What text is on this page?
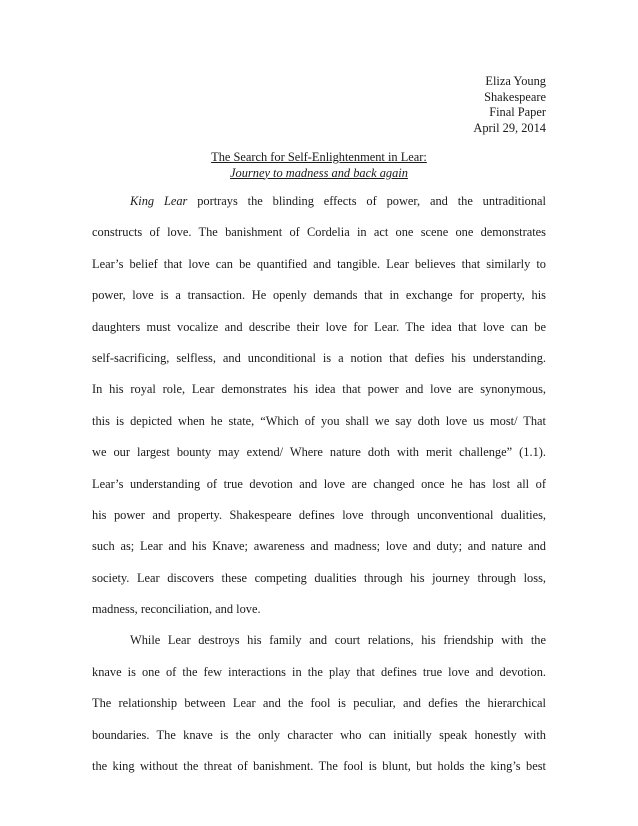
Eliza Young
Shakespeare
Final Paper
April 29, 2014
The Search for Self-Enlightenment in Lear:
Journey to madness and back again
King Lear portrays the blinding effects of power, and the untraditional
constructs of love. The banishment of Cordelia in act one scene one demonstrates
Lear’s belief that love can be quantified and tangible. Lear believes that similarly to
power, love is a transaction. He openly demands that in exchange for property, his
daughters must vocalize and describe their love for Lear. The idea that love can be
self-sacrificing, selfless, and unconditional is a notion that defies his understanding.
In his royal role, Lear demonstrates his idea that power and love are synonymous,
this is depicted when he state, “Which of you shall we say doth love us most/ That
we our largest bounty may extend/ Where nature doth with merit challenge” (1.1).
Lear’s understanding of true devotion and love are changed once he has lost all of
his power and property. Shakespeare defines love through unconventional dualities,
such as; Lear and his Knave; awareness and madness; love and duty; and nature and
society. Lear discovers these competing dualities through his journey through loss,
madness, reconciliation, and love.
While Lear destroys his family and court relations, his friendship with the
knave is one of the few interactions in the play that defines true love and devotion.
The relationship between Lear and the fool is peculiar, and defies the hierarchical
boundaries. The knave is the only character who can initially speak honestly with
the king without the threat of banishment. The fool is blunt, but holds the king’s best
